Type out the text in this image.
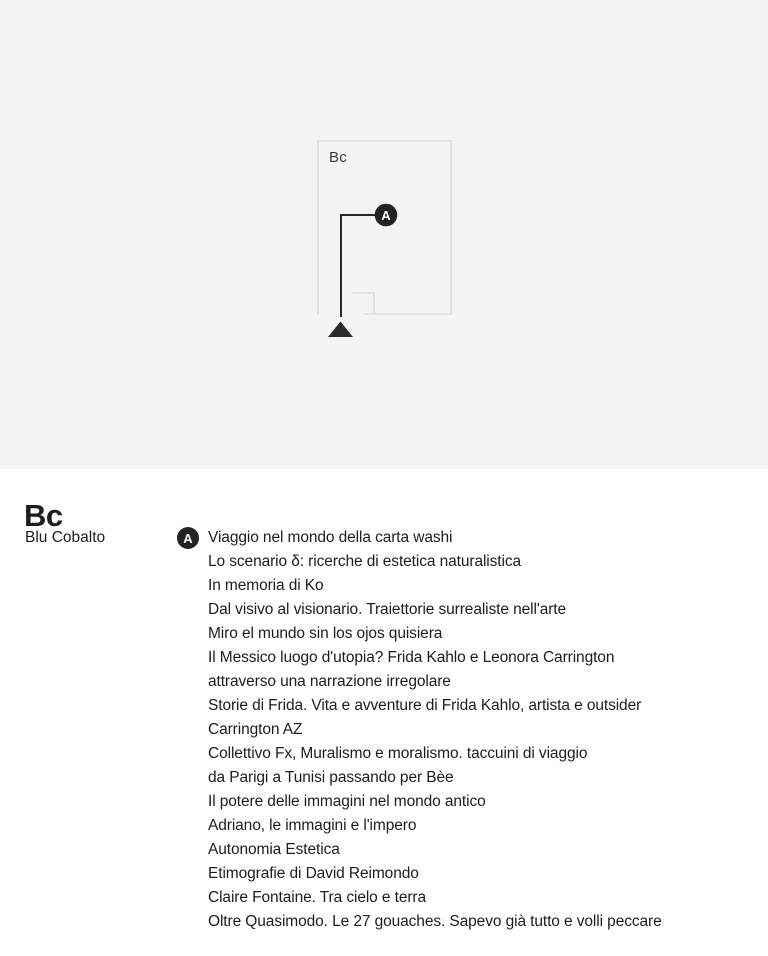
Bc
A
Bc
Blu Cobalto	A Viaggio nel mondo della carta washi
Lo scenario δ: ricerche di estetica naturalistica
In memoria di Ko
Dal visivo al visionario. Traiettorie surrealiste nell'arte
Miro el mundo sin los ojos quisiera
Il Messico luogo d'utopia? Frida Kahlo e Leonora Carrington
attraverso una narrazione irregolare
Storie di Frida. Vita e avventure di Frida Kahlo, artista e outsider
Carrington AZ
Collettivo Fx, Muralismo e moralismo. taccuini di viaggio
da Parigi a Tunisi passando per Bèe
Il potere delle immagini nel mondo antico
Adriano, le immagini e l'impero
Autonomia Estetica
Etimografie di David Reimondo
Claire Fontaine. Tra cielo e terra
Oltre Quasimodo. Le 27 gouaches. Sapevo già tutto e volli peccare
